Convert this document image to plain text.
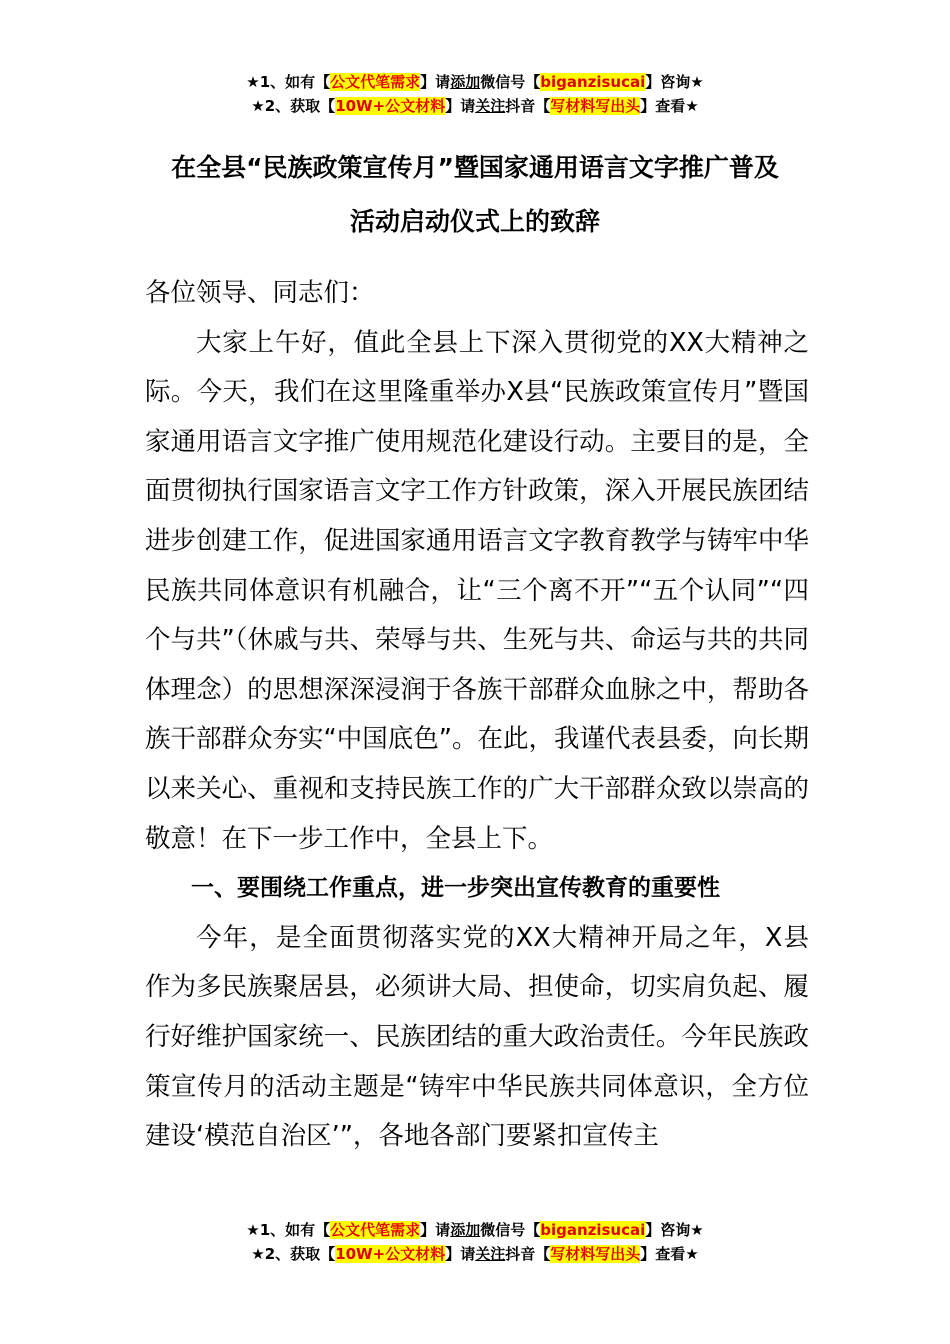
★1、如有【公文代笔需求】请添加微信号【biganzisucai】咨询★
★2、获取【10W+公文材料】请关注抖音【写材料写出头】查看★
在全县“民族政策宣传月”暨国家通用语言文字推广普及
活动启动仪式上的致辞

各位领导、同志们：

大家上午好，值此全县上下深入贯彻党的XX大精神之际。今天，我们在这里隆重举办X县“民族政策宣传月”暨国家通用语言文字推广使用规范化建设行动。主要目的是，全面贯彻执行国家语言文字工作方针政策，深入开展民族团结进步创建工作，促进国家通用语言文字教育教学与铸牢中华民族共同体意识有机融合，让“三个离不开”“五个认同”“四个与共”（休戚与共、荣辱与共、生死与共、命运与共的共同体理念）的思想深深浸润于各族干部群众血脉之中，帮助各族干部群众夯实“中国底色”。在此，我谨代表县委，向长期以来关心、重视和支持民族工作的广大干部群众致以崇高的敬意！在下一步工作中，全县上下。

一、要围绕工作重点，进一步突出宣传教育的重要性

今年，是全面贯彻落实党的XX大精神开局之年，X县作为多民族聚居县，必须讲大局、担使命，切实肩负起、履行好维护国家统一、民族团结的重大政治责任。今年民族政策宣传月的活动主题是“铸牢中华民族共同体意识，全方位建设‘模范自治区’”，各地各部门要紧扣宣传主

★1、如有【公文代笔需求】请添加微信号【biganzisucai】咨询★
★2、获取【10W+公文材料】请关注抖音【写材料写出头】查看★
